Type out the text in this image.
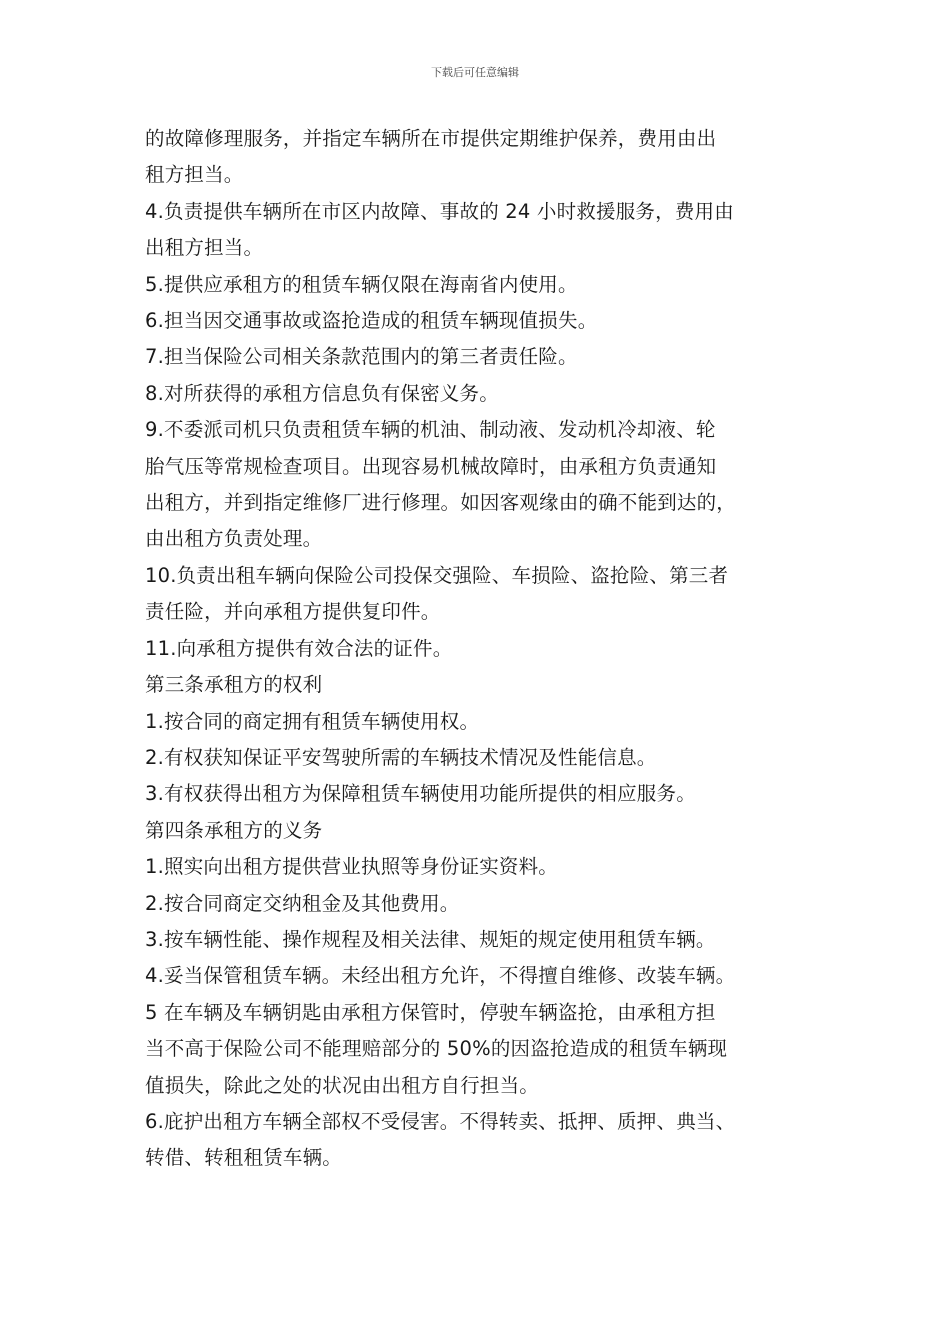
下载后可任意编辑

的故障修理服务，并指定车辆所在市提供定期维护保养，费用由出

租方担当。

4.负责提供车辆所在市区内故障、事故的 24 小时救援服务，费用由

出租方担当。

5.提供应承租方的租赁车辆仅限在海南省内使用。

6.担当因交通事故或盗抢造成的租赁车辆现值损失。

7.担当保险公司相关条款范围内的第三者责任险。

8.对所获得的承租方信息负有保密义务。

9.不委派司机只负责租赁车辆的机油、制动液、发动机冷却液、轮

胎气压等常规检查项目。出现容易机械故障时，由承租方负责通知

出租方，并到指定维修厂进行修理。如因客观缘由的确不能到达的，

由出租方负责处理。

10.负责出租车辆向保险公司投保交强险、车损险、盗抢险、第三者

责任险，并向承租方提供复印件。

11.向承租方提供有效合法的证件。

第三条承租方的权利

1.按合同的商定拥有租赁车辆使用权。

2.有权获知保证平安驾驶所需的车辆技术情况及性能信息。

3.有权获得出租方为保障租赁车辆使用功能所提供的相应服务。

第四条承租方的义务

1.照实向出租方提供营业执照等身份证实资料。

2.按合同商定交纳租金及其他费用。

3.按车辆性能、操作规程及相关法律、规矩的规定使用租赁车辆。

4.妥当保管租赁车辆。未经出租方允许，不得擅自维修、改装车辆。

5 在车辆及车辆钥匙由承租方保管时，停驶车辆盗抢，由承租方担

当不高于保险公司不能理赔部分的 50%的因盗抢造成的租赁车辆现

值损失，除此之处的状况由出租方自行担当。

6.庇护出租方车辆全部权不受侵害。不得转卖、抵押、质押、典当、

转借、转租租赁车辆。
